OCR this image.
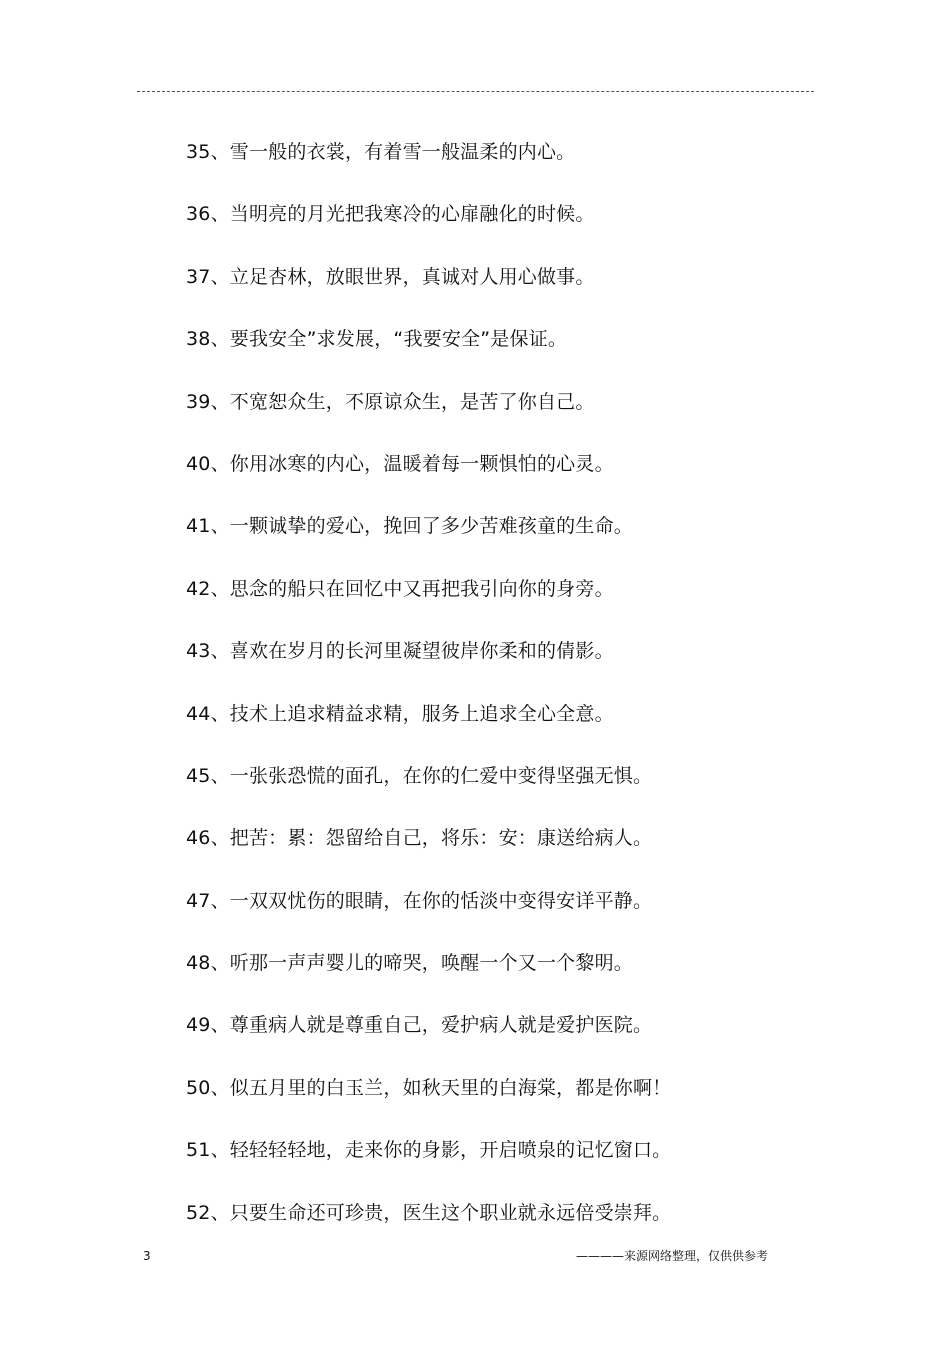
35、雪一般的衣裳，有着雪一般温柔的内心。
36、当明亮的月光把我寒冷的心扉融化的时候。
37、立足杏林，放眼世界，真诚对人用心做事。
38、要我安全”求发展，“我要安全”是保证。
39、不宽恕众生，不原谅众生，是苦了你自己。
40、你用冰寒的内心，温暖着每一颗惧怕的心灵。
41、一颗诚挚的爱心，挽回了多少苦难孩童的生命。
42、思念的船只在回忆中又再把我引向你的身旁。
43、喜欢在岁月的长河里凝望彼岸你柔和的倩影。
44、技术上追求精益求精，服务上追求全心全意。
45、一张张恐慌的面孔，在你的仁爱中变得坚强无惧。
46、把苦：累：怨留给自己，将乐：安：康送给病人。
47、一双双忧伤的眼睛，在你的恬淡中变得安详平静。
48、听那一声声婴儿的啼哭，唤醒一个又一个黎明。
49、尊重病人就是尊重自己，爱护病人就是爱护医院。
50、似五月里的白玉兰，如秋天里的白海棠，都是你啊！
51、轻轻轻轻地，走来你的身影，开启喷泉的记忆窗口。
52、只要生命还可珍贵，医生这个职业就永远倍受崇拜。
3	————来源网络整理，仅供供参考
